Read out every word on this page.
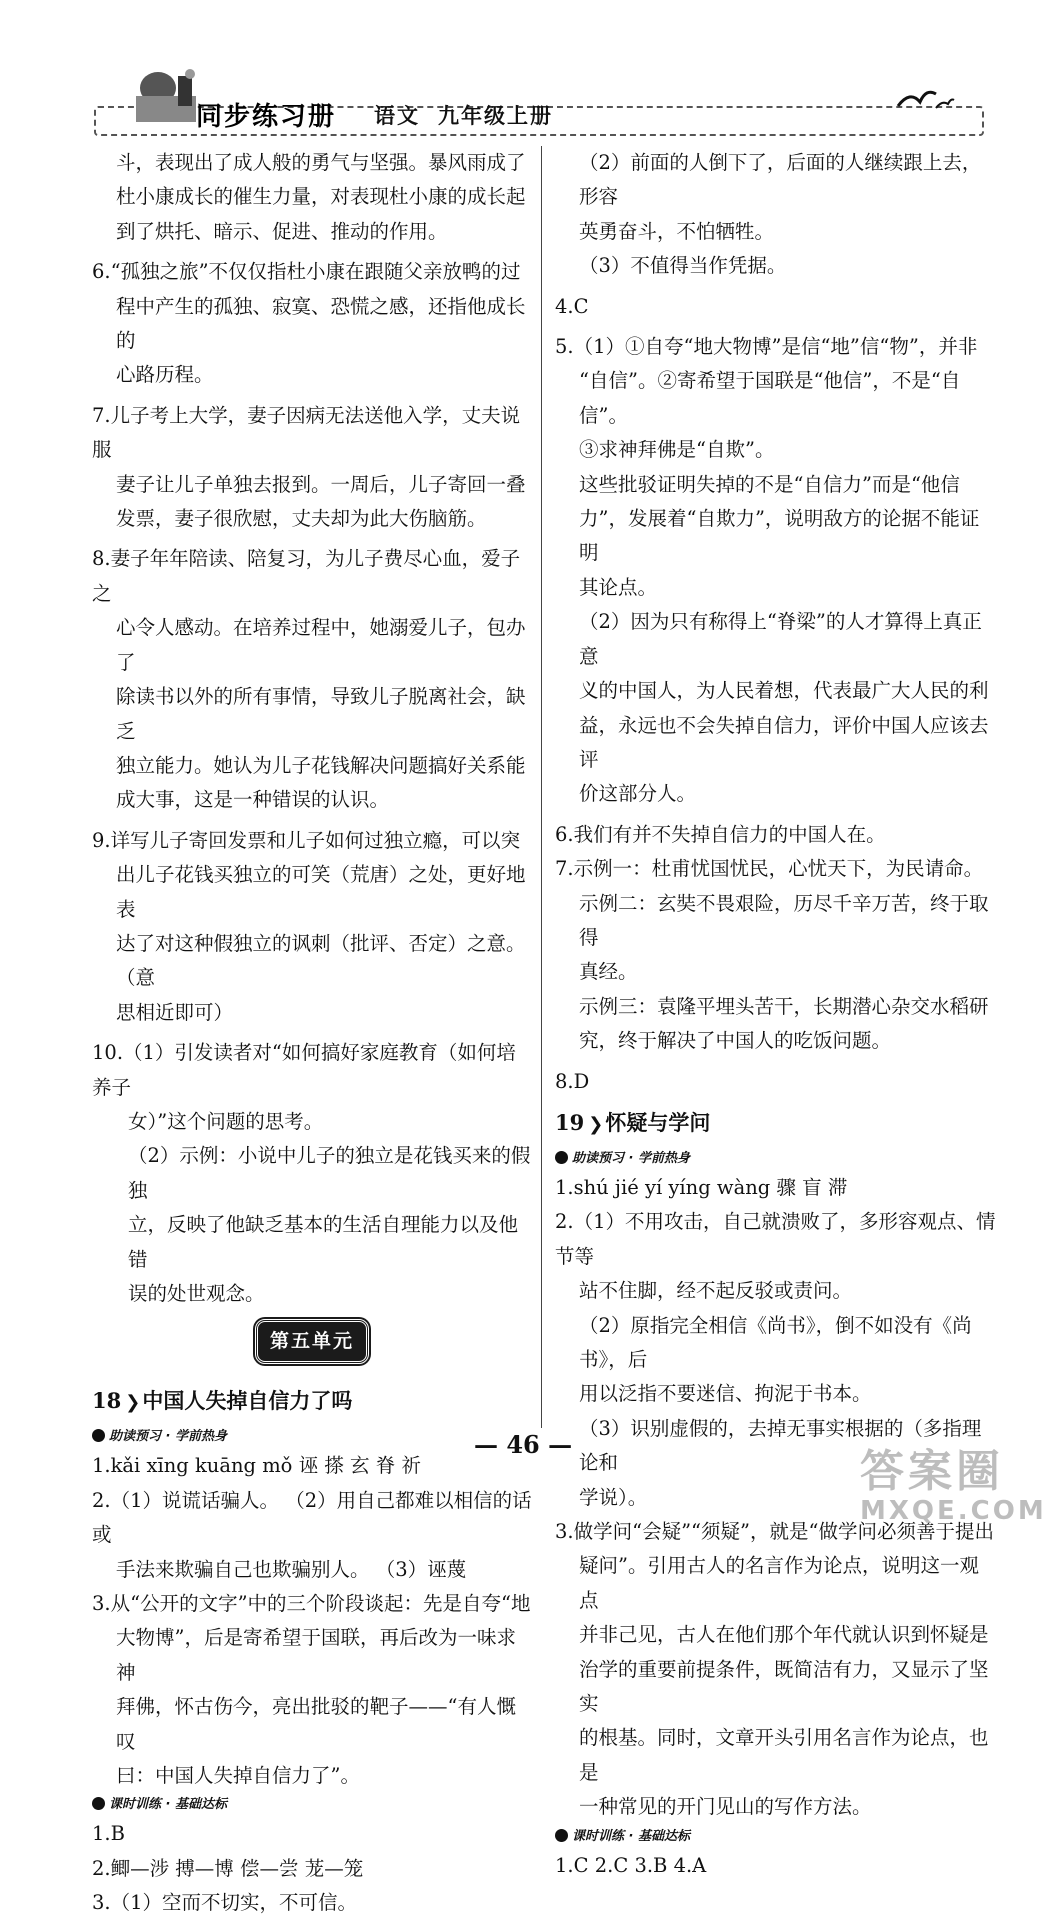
同步练习册 语文 九年级上册

斗，表现出了成人般的勇气与坚强。暴风雨成了

杜小康成长的催生力量，对表现杜小康的成长起

到了烘托、暗示、促进、推动的作用。

6.“孤独之旅”不仅仅指杜小康在跟随父亲放鸭的过

程中产生的孤独、寂寞、恐慌之感，还指他成长的

心路历程。

7.儿子考上大学，妻子因病无法送他入学，丈夫说服

妻子让儿子单独去报到。一周后，儿子寄回一叠

发票，妻子很欣慰，丈夫却为此大伤脑筋。

8.妻子年年陪读、陪复习，为儿子费尽心血，爱子之

心令人感动。在培养过程中，她溺爱儿子，包办了

除读书以外的所有事情，导致儿子脱离社会，缺乏

独立能力。她认为儿子花钱解决问题搞好关系能

成大事，这是一种错误的认识。

9.详写儿子寄回发票和儿子如何过独立瘾，可以突

出儿子花钱买独立的可笑（荒唐）之处，更好地表

达了对这种假独立的讽刺（批评、否定）之意。（意

思相近即可）

10.（1）引发读者对“如何搞好家庭教育（如何培养子

女）”这个问题的思考。

（2）示例：小说中儿子的独立是花钱买来的假独

立，反映了他缺乏基本的生活自理能力以及他错

误的处世观念。

第五单元
18 ❯中国人失掉自信力了吗
助读预习 · 学前热身

1.kǎi xīng kuāng mǒ 诬 搽 玄 脊 祈

2.（1）说谎话骗人。 （2）用自己都难以相信的话或

手法来欺骗自己也欺骗别人。 （3）诬蔑

3.从“公开的文字”中的三个阶段谈起：先是自夸“地

大物博”，后是寄希望于国联，再后改为一味求神

拜佛，怀古伤今，亮出批驳的靶子——“有人慨叹

曰：中国人失掉自信力了”。

课时训练 · 基础达标

1.B

2.鲫—涉 搏—博 偿—尝 茏—笼

3.（1）空而不切实，不可信。

（2）前面的人倒下了，后面的人继续跟上去，形容

英勇奋斗，不怕牺牲。

（3）不值得当作凭据。

4.C

5.（1）①自夸“地大物博”是信“地”信“物”，并非

“自信”。②寄希望于国联是“他信”，不是“自信”。

③求神拜佛是“自欺”。

这些批驳证明失掉的不是“自信力”而是“他信

力”，发展着“自欺力”，说明敌方的论据不能证明

其论点。

（2）因为只有称得上“脊梁”的人才算得上真正意

义的中国人，为人民着想，代表最广大人民的利

益，永远也不会失掉自信力，评价中国人应该去评

价这部分人。

6.我们有并不失掉自信力的中国人在。

7.示例一：杜甫忧国忧民，心忧天下，为民请命。

示例二：玄奘不畏艰险，历尽千辛万苦，终于取得

真经。

示例三：袁隆平埋头苦干，长期潜心杂交水稻研

究，终于解决了中国人的吃饭问题。

8.D

19 ❯怀疑与学问
助读预习 · 学前热身

1.shú jié yí yíng wàng 骤 盲 滞

2.（1）不用攻击，自己就溃败了，多形容观点、情节等

站不住脚，经不起反驳或责问。

（2）原指完全相信《尚书》，倒不如没有《尚书》，后

用以泛指不要迷信、拘泥于书本。

（3）识别虚假的，去掉无事实根据的（多指理论和

学说）。

3.做学问“会疑”“须疑”，就是“做学问必须善于提出

疑问”。引用古人的名言作为论点，说明这一观点

并非己见，古人在他们那个年代就认识到怀疑是

治学的重要前提条件，既简洁有力，又显示了坚实

的根基。同时，文章开头引用名言作为论点，也是

一种常见的开门见山的写作方法。

课时训练 · 基础达标

1.C 2.C 3.B 4.A

— 46 —
答案圈
MXQE.COM
